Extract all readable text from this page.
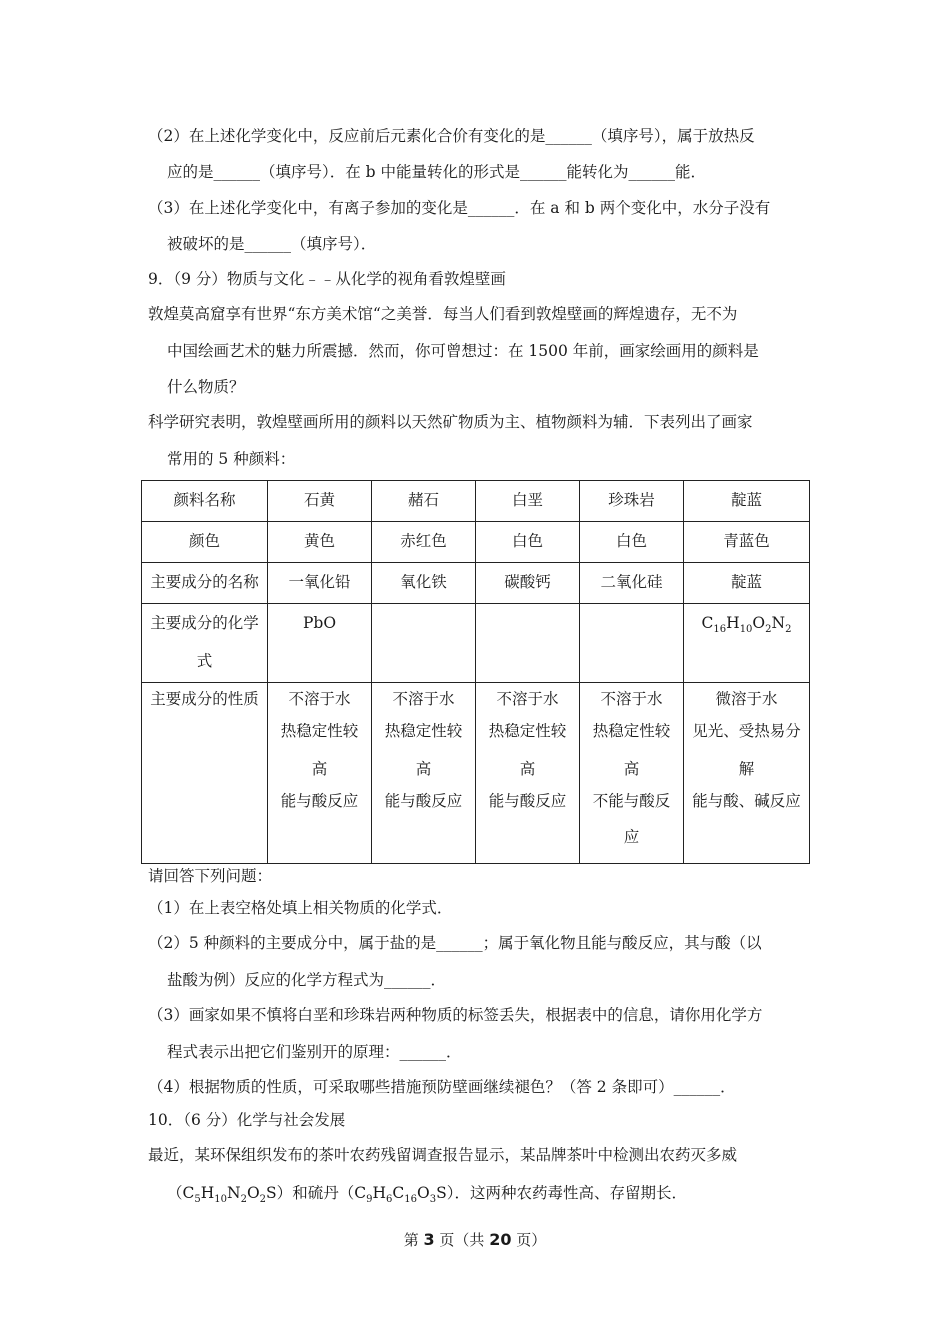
（2）在上述化学变化中，反应前后元素化合价有变化的是______（填序号），属于放热反
应的是______（填序号）．在 b 中能量转化的形式是______能转化为______能．
（3）在上述化学变化中，有离子参加的变化是______．在 a 和 b 两个变化中，水分子没有
被破坏的是______（填序号）．
9．（9 分）物质与文化﹣﹣从化学的视角看敦煌壁画
敦煌莫高窟享有世界“东方美术馆“之美誉．每当人们看到敦煌壁画的辉煌遗存，无不为
中国绘画艺术的魅力所震撼．然而，你可曾想过：在 1500 年前，画家绘画用的颜料是
什么物质？
科学研究表明，敦煌壁画所用的颜料以天然矿物质为主、植物颜料为辅．下表列出了画家
常用的 5 种颜料：
颜料名称	石黄	赭石	白垩	珍珠岩	靛蓝

颜色	黄色	赤红色	白色	白色	青蓝色

主要成分的名称	一氧化铅	氧化铁	碳酸钙	二氧化硅	靛蓝

主要成分的化学
式	PbO				$C_{16}H_{10}O_2N_2$

主要成分的性质	不溶于水
热稳定性较
高
能与酸反应	不溶于水
热稳定性较
高
能与酸反应	不溶于水
热稳定性较
高
能与酸反应	不溶于水
热稳定性较
高
不能与酸反
应	微溶于水
见光、受热易分
解
能与酸、碱反应
请回答下列问题：
（1）在上表空格处填上相关物质的化学式．
（2）5 种颜料的主要成分中，属于盐的是______；属于氧化物且能与酸反应，其与酸（以
盐酸为例）反应的化学方程式为______．
（3）画家如果不慎将白垩和珍珠岩两种物质的标签丢失，根据表中的信息，请你用化学方
程式表示出把它们鉴别开的原理：______．
（4）根据物质的性质，可采取哪些措施预防壁画继续褪色？（答 2 条即可）______．
10．（6 分）化学与社会发展
最近，某环保组织发布的茶叶农药残留调查报告显示，某品牌茶叶中检测出农药灭多威
$(C_5H_{10}N_2O_2S)$和硫丹$(C_9H_6C_{16}O_3S)$．这两种农药毒性高、存留期长．
第 3 页（共 20 页）
